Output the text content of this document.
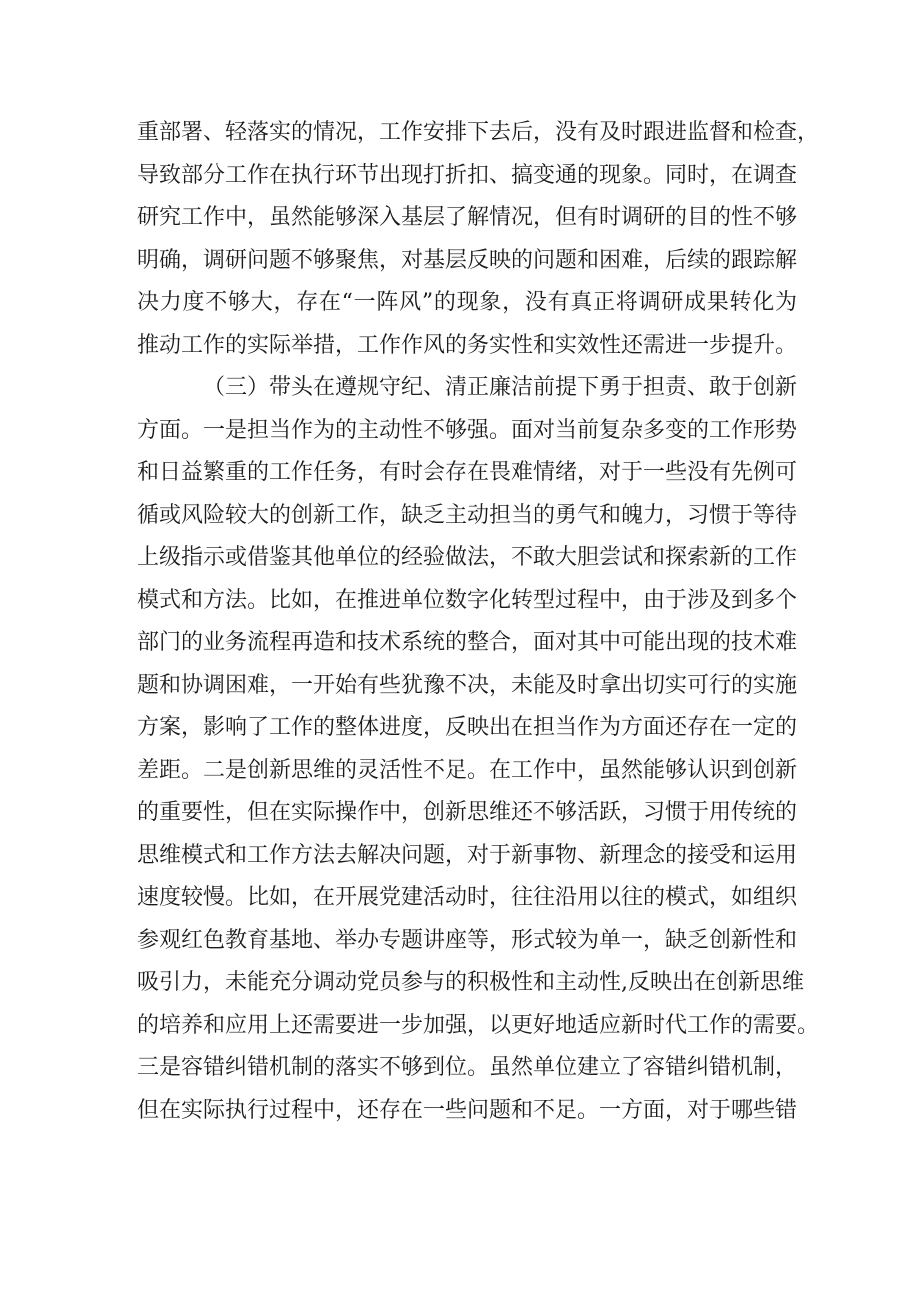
重部署、轻落实的情况，工作安排下去后，没有及时跟进监督和检查，
导致部分工作在执行环节出现打折扣、搞变通的现象。同时，在调查
研究工作中，虽然能够深入基层了解情况，但有时调研的目的性不够
明确，调研问题不够聚焦，对基层反映的问题和困难，后续的跟踪解
决力度不够大，存在“一阵风”的现象，没有真正将调研成果转化为
推动工作的实际举措，工作作风的务实性和实效性还需进一步提升。
（三）带头在遵规守纪、清正廉洁前提下勇于担责、敢于创新
方面。一是担当作为的主动性不够强。面对当前复杂多变的工作形势
和日益繁重的工作任务，有时会存在畏难情绪，对于一些没有先例可
循或风险较大的创新工作，缺乏主动担当的勇气和魄力，习惯于等待
上级指示或借鉴其他单位的经验做法，不敢大胆尝试和探索新的工作
模式和方法。比如，在推进单位数字化转型过程中，由于涉及到多个
部门的业务流程再造和技术系统的整合，面对其中可能出现的技术难
题和协调困难，一开始有些犹豫不决，未能及时拿出切实可行的实施
方案，影响了工作的整体进度，反映出在担当作为方面还存在一定的
差距。二是创新思维的灵活性不足。在工作中，虽然能够认识到创新
的重要性，但在实际操作中，创新思维还不够活跃，习惯于用传统的
思维模式和工作方法去解决问题，对于新事物、新理念的接受和运用
速度较慢。比如，在开展党建活动时，往往沿用以往的模式，如组织
参观红色教育基地、举办专题讲座等，形式较为单一，缺乏创新性和
吸引力，未能充分调动党员参与的积极性和主动性,反映出在创新思维
的培养和应用上还需要进一步加强，以更好地适应新时代工作的需要。
三是容错纠错机制的落实不够到位。虽然单位建立了容错纠错机制，
但在实际执行过程中，还存在一些问题和不足。一方面，对于哪些错
